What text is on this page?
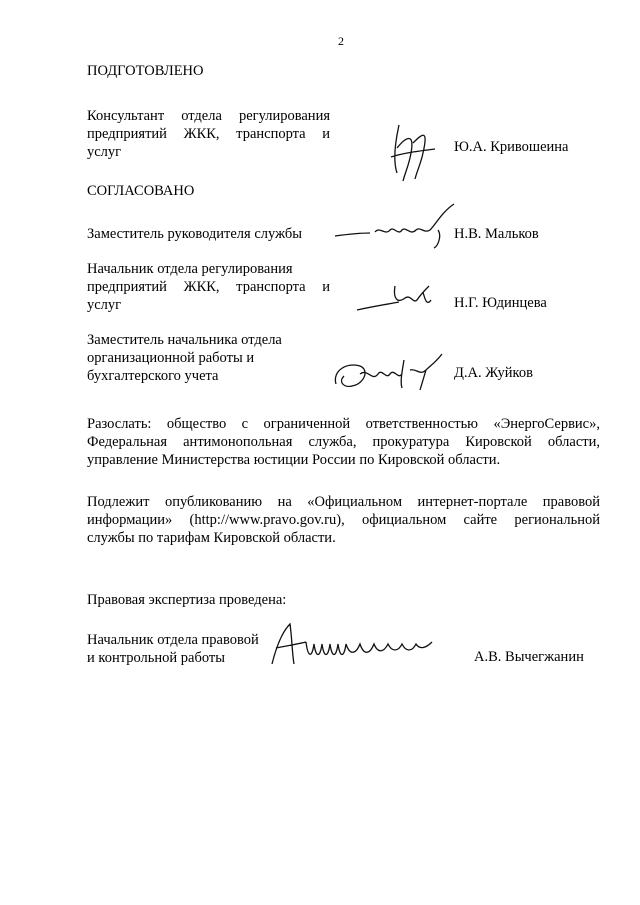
2
ПОДГОТОВЛЕНО
Консультант отдела регулирования
предприятий ЖКК, транспорта и
услуг	Ю.А. Кривошеина
СОГЛАСОВАНО
Заместитель руководителя службы	Н.В. Мальков
Начальник отдела регулирования
предприятий ЖКК, транспорта и
услуг	Н.Г. Юдинцева
Заместитель начальника отдела
организационной работы и
бухгалтерского учета	Д.А. Жуйков
Разослать: общество с ограниченной ответственностью «ЭнергоСервис»,
Федеральная антимонопольная служба, прокуратура Кировской области,
управление Министерства юстиции России по Кировской области.
Подлежит опубликованию на «Официальном интернет-портале правовой
информации» (http://www.pravo.gov.ru), официальном сайте региональной
службы по тарифам Кировской области.
Правовая экспертиза проведена:
Начальник отдела правовой
и контрольной работы	А.В. Вычегжанин
